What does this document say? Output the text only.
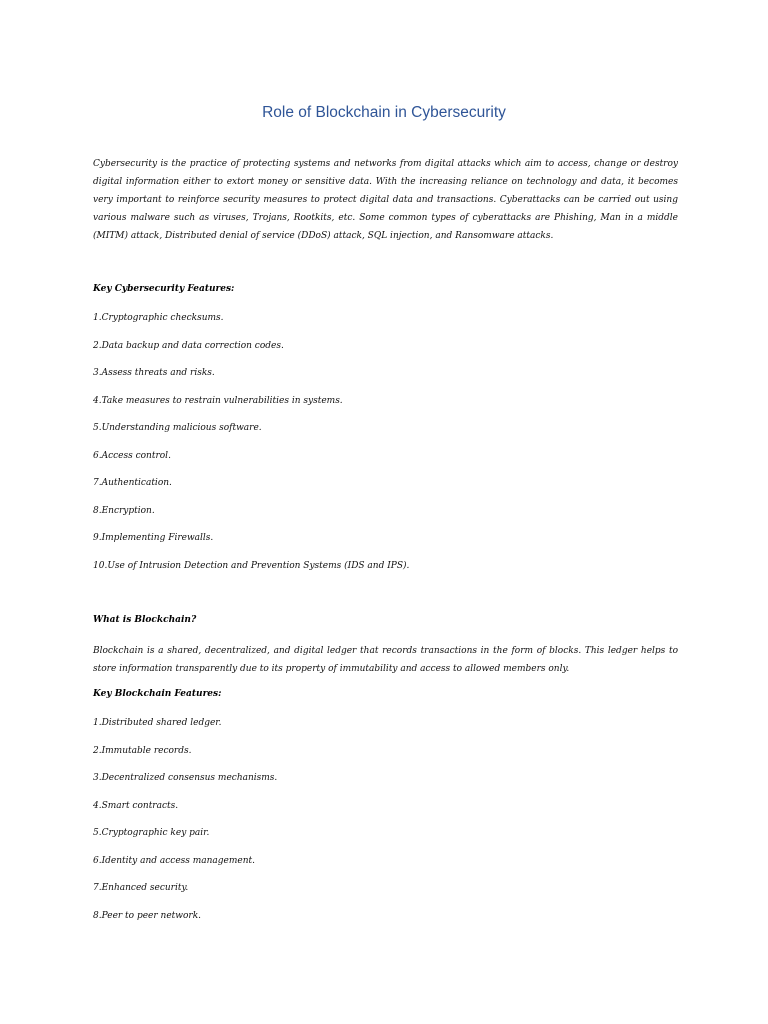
Role of Blockchain in Cybersecurity

Cybersecurity is the practice of protecting systems and networks from digital attacks which aim to access, change or destroy digital information either to extort money or sensitive data. With the increasing reliance on technology and data, it becomes very important to reinforce security measures to protect digital data and transactions. Cyberattacks can be carried out using various malware such as viruses, Trojans, Rootkits, etc. Some common types of cyberattacks are Phishing, Man in a middle (MITM) attack, Distributed denial of service (DDoS) attack, SQL injection, and Ransomware attacks.

Key Cybersecurity Features:

1.Cryptographic checksums.
2.Data backup and data correction codes.
3.Assess threats and risks.
4.Take measures to restrain vulnerabilities in systems.
5.Understanding malicious software.
6.Access control.
7.Authentication.
8.Encryption.
9.Implementing Firewalls.
10.Use of Intrusion Detection and Prevention Systems (IDS and IPS).

What is Blockchain?

Blockchain is a shared, decentralized, and digital ledger that records transactions in the form of blocks. This ledger helps to store information transparently due to its property of immutability and access to allowed members only.

Key Blockchain Features:

1.Distributed shared ledger.
2.Immutable records.
3.Decentralized consensus mechanisms.
4.Smart contracts.
5.Cryptographic key pair.
6.Identity and access management.
7.Enhanced security.
8.Peer to peer network.
